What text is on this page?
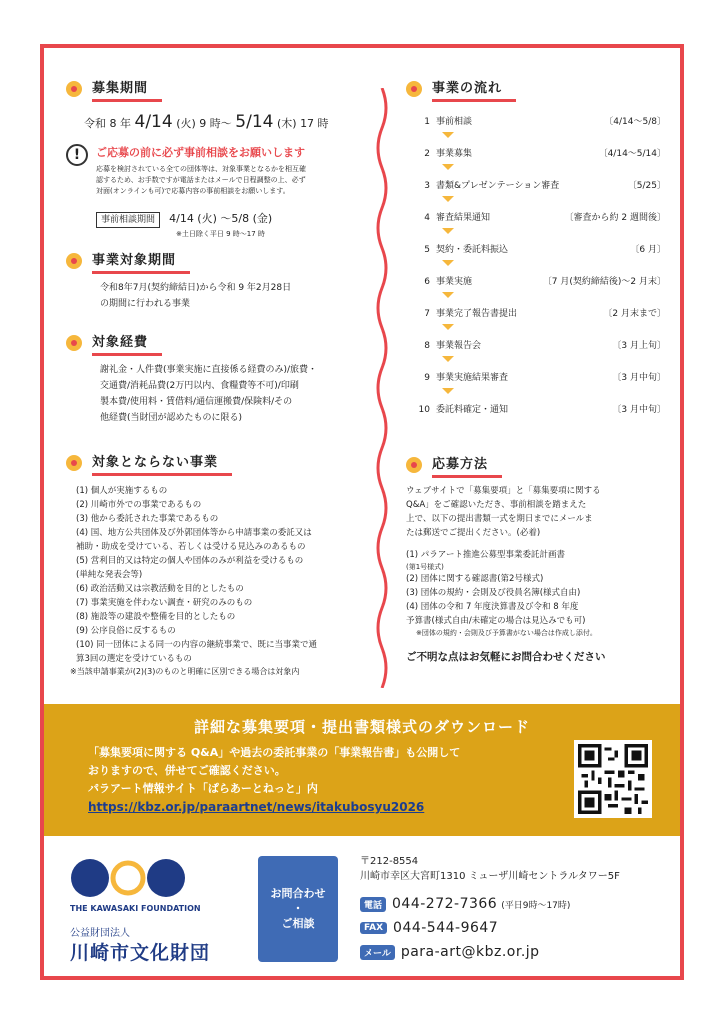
募集期間
令和 8 年 4/14 (火) 9 時〜 5/14 (木) 17 時
!	ご応募の前に必ず事前相談をお願いします
応募を検討されている全ての団体等は、対象事業となるかを相互確
認するため、お手数ですが電話またはメールで日程調整の上、必ず
対面(オンラインも可)で応募内容の事前相談をお願いします。
事前相談期間 4/14 (火) 〜5/8 (金)
※土日除く平日 9 時〜17 時
事業対象期間
令和8年7月(契約締結日)から令和 9 年2月28日
の期間に行われる事業
対象経費
謝礼金・人件費(事業実施に直接係る経費のみ)/旅費・
交通費/消耗品費(2万円以内、食糧費等不可)/印刷
製本費/使用料・賃借料/通信運搬費/保険料/その
他経費(当財団が認めたものに限る)
対象とならない事業
(1) 個人が実施するもの
(2) 川崎市外での事業であるもの
(3) 他から委託された事業であるもの
(4) 国、地方公共団体及び外郭団体等から申請事業の委託又は
補助・助成を受けている、若しくは受ける見込みのあるもの
(5) 営利目的又は特定の個人や団体のみが利益を受けるもの
(単純な発表会等)
(6) 政治活動又は宗教活動を目的としたもの
(7) 事業実施を伴わない調査・研究のみのもの
(8) 施設等の建設や整備を目的としたもの
(9) 公序良俗に反するもの
(10) 同一団体による同一の内容の継続事業で、既に当事業で通
算3回の選定を受けているもの
※当該申請事業が(2)(3)のものと明確に区別できる場合は対象内
事業の流れ
1 事前相談	〔4/14〜5/8〕
2 事業募集	〔4/14〜5/14〕
3 書類&プレゼンテーション審査	〔5/25〕
4 審査結果通知	〔審査から約 2 週間後〕
5 契約・委託料振込	〔6 月〕
6 事業実施	〔7 月(契約締結後)〜2 月末〕
7 事業完了報告書提出	〔2 月末まで〕
8 事業報告会	〔3 月上旬〕
9 事業実施結果審査	〔3 月中旬〕
10 委託料確定・通知	〔3 月中旬〕
応募方法
ウェブサイトで「募集要項」と「募集要項に関する
Q&A」をご確認いただき、事前相談を踏まえた
上で、以下の提出書類一式を期日までにメールま
たは郵送でご提出ください。(必着)
(1) パラアート推進公募型事業委託計画書
(第1号様式)
(2) 団体に関する確認書(第2号様式)
(3) 団体の規約・会則及び役員名簿(様式自由)
(4) 団体の令和 7 年度決算書及び令和 8 年度
予算書(様式自由/未確定の場合は見込みでも可)
※団体の規約・会則及び予算書がない場合は作成し添付。
ご不明な点はお気軽にお問合わせください
詳細な募集要項・提出書類様式のダウンロード
「募集要項に関する Q&A」や過去の委託事業の「事業報告書」も公開して
おりますので、併せてご確認ください。
パラアート情報サイト「ぱらあーとねっと」内
https://kbz.or.jp/paraartnet/news/itakubosyu2026
THE KAWASAKI FOUNDATION
公益財団法人
川崎市文化財団
お問合わせ
・
ご相談
〒212-8554
川崎市幸区大宮町1310 ミューザ川崎セントラルタワー5F
電話 044-272-7366 (平日9時〜17時)
FAX 044-544-9647
メール para-art@kbz.or.jp
